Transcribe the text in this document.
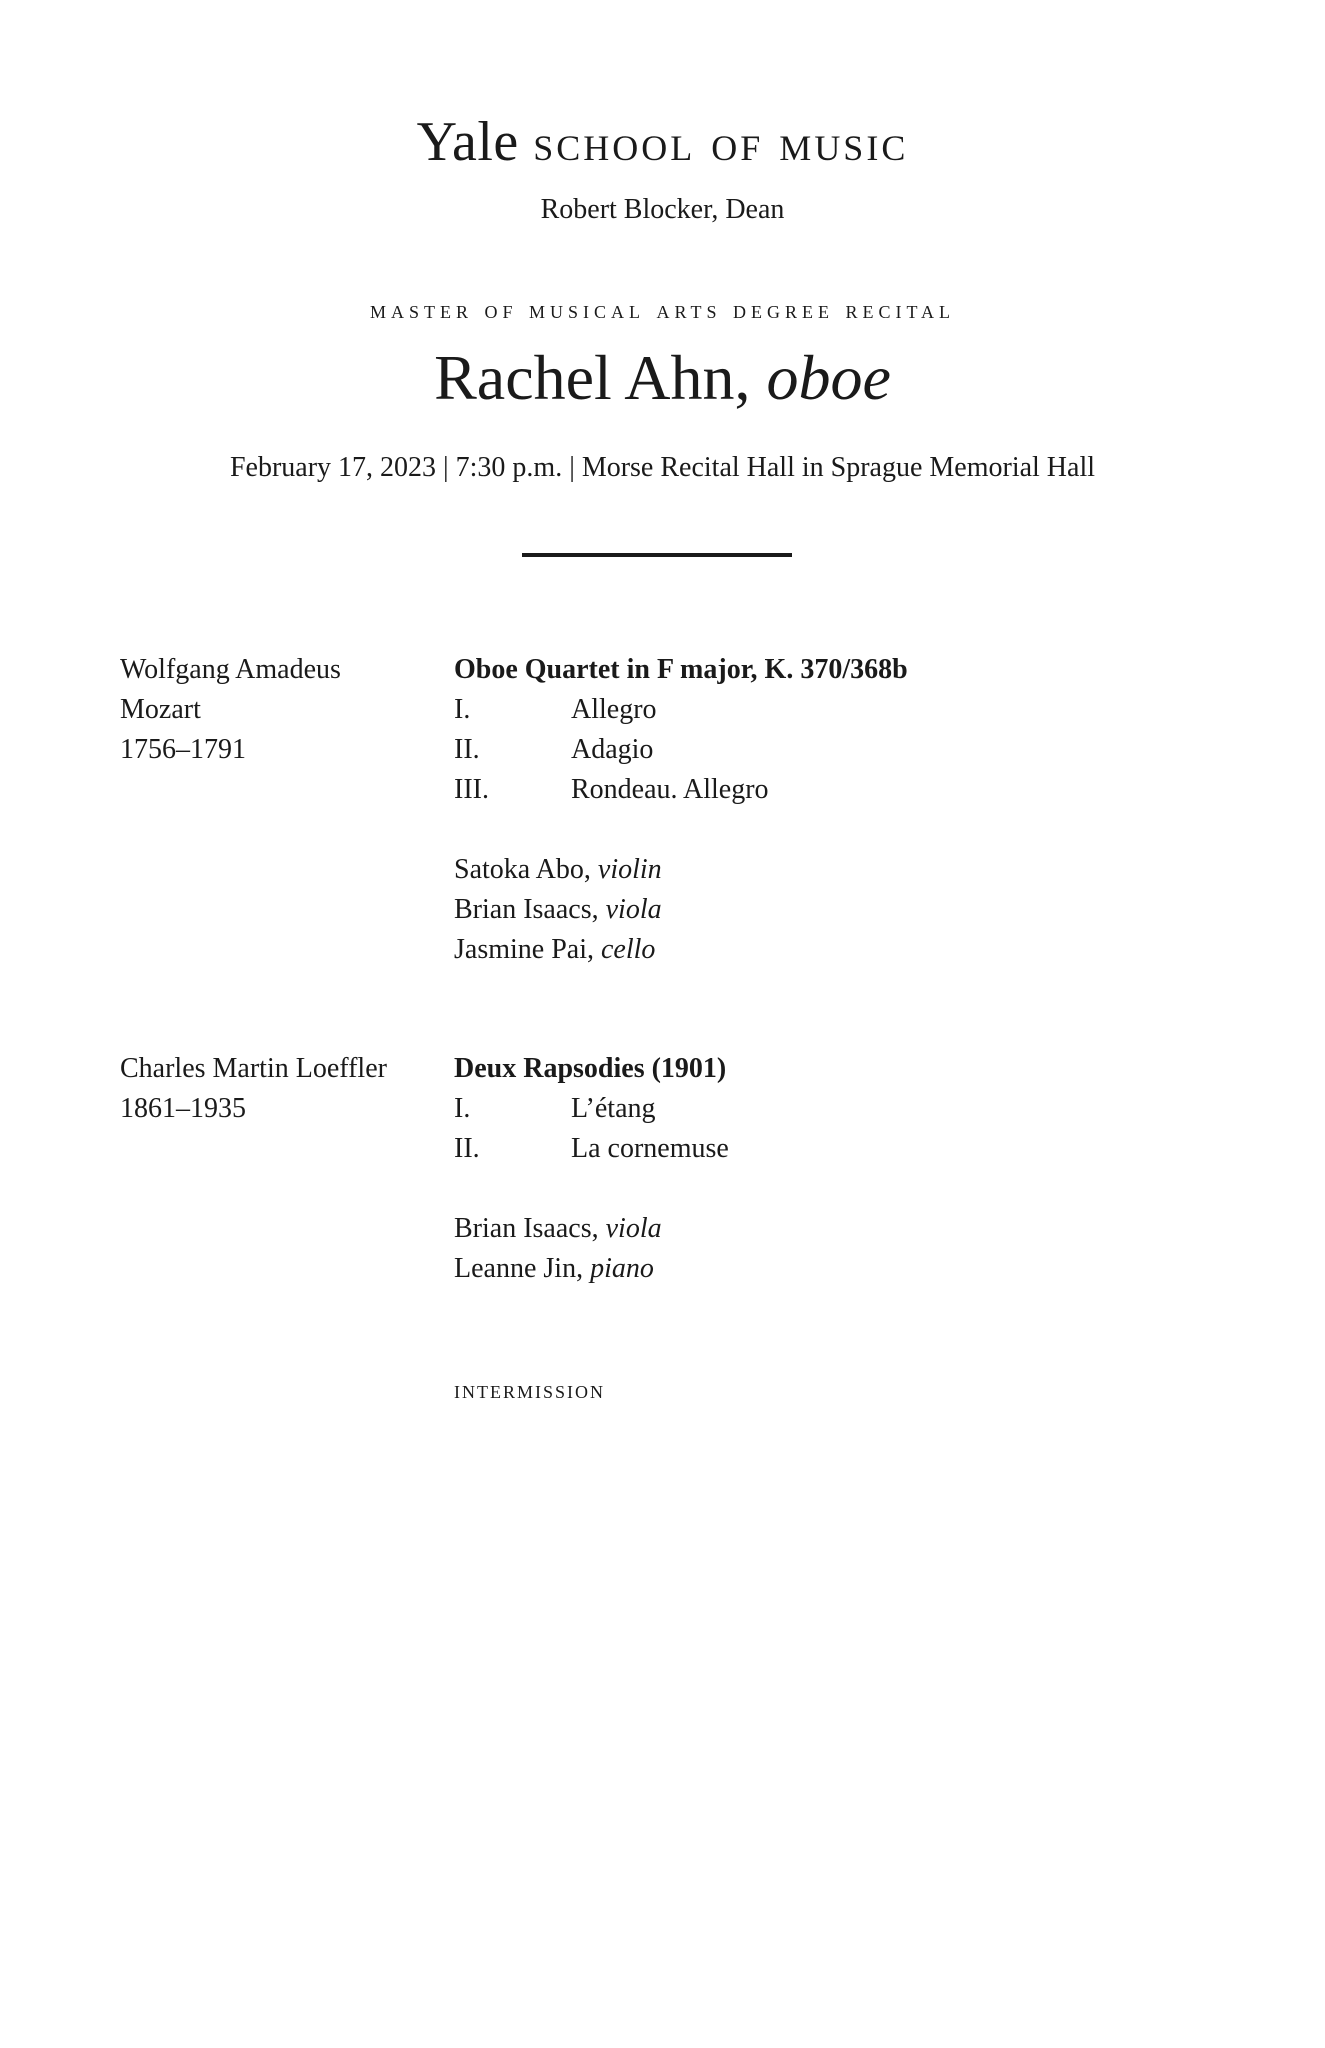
Yale school of music
Robert Blocker, Dean
master of musical arts degree recital
Rachel Ahn, oboe
February 17, 2023 | 7:30 p.m. | Morse Recital Hall in Sprague Memorial Hall
Wolfgang Amadeus
Mozart
1756–1791
Oboe Quartet in F major, K. 370/368b
I.	Allegro
II.	Adagio
III.	Rondeau. Allegro
Satoka Abo, violin
Brian Isaacs, viola
Jasmine Pai, cello
Charles Martin Loeffler
1861–1935
Deux Rapsodies (1901)
I.	L’étang
II.	La cornemuse
Brian Isaacs, viola
Leanne Jin, piano
intermission
